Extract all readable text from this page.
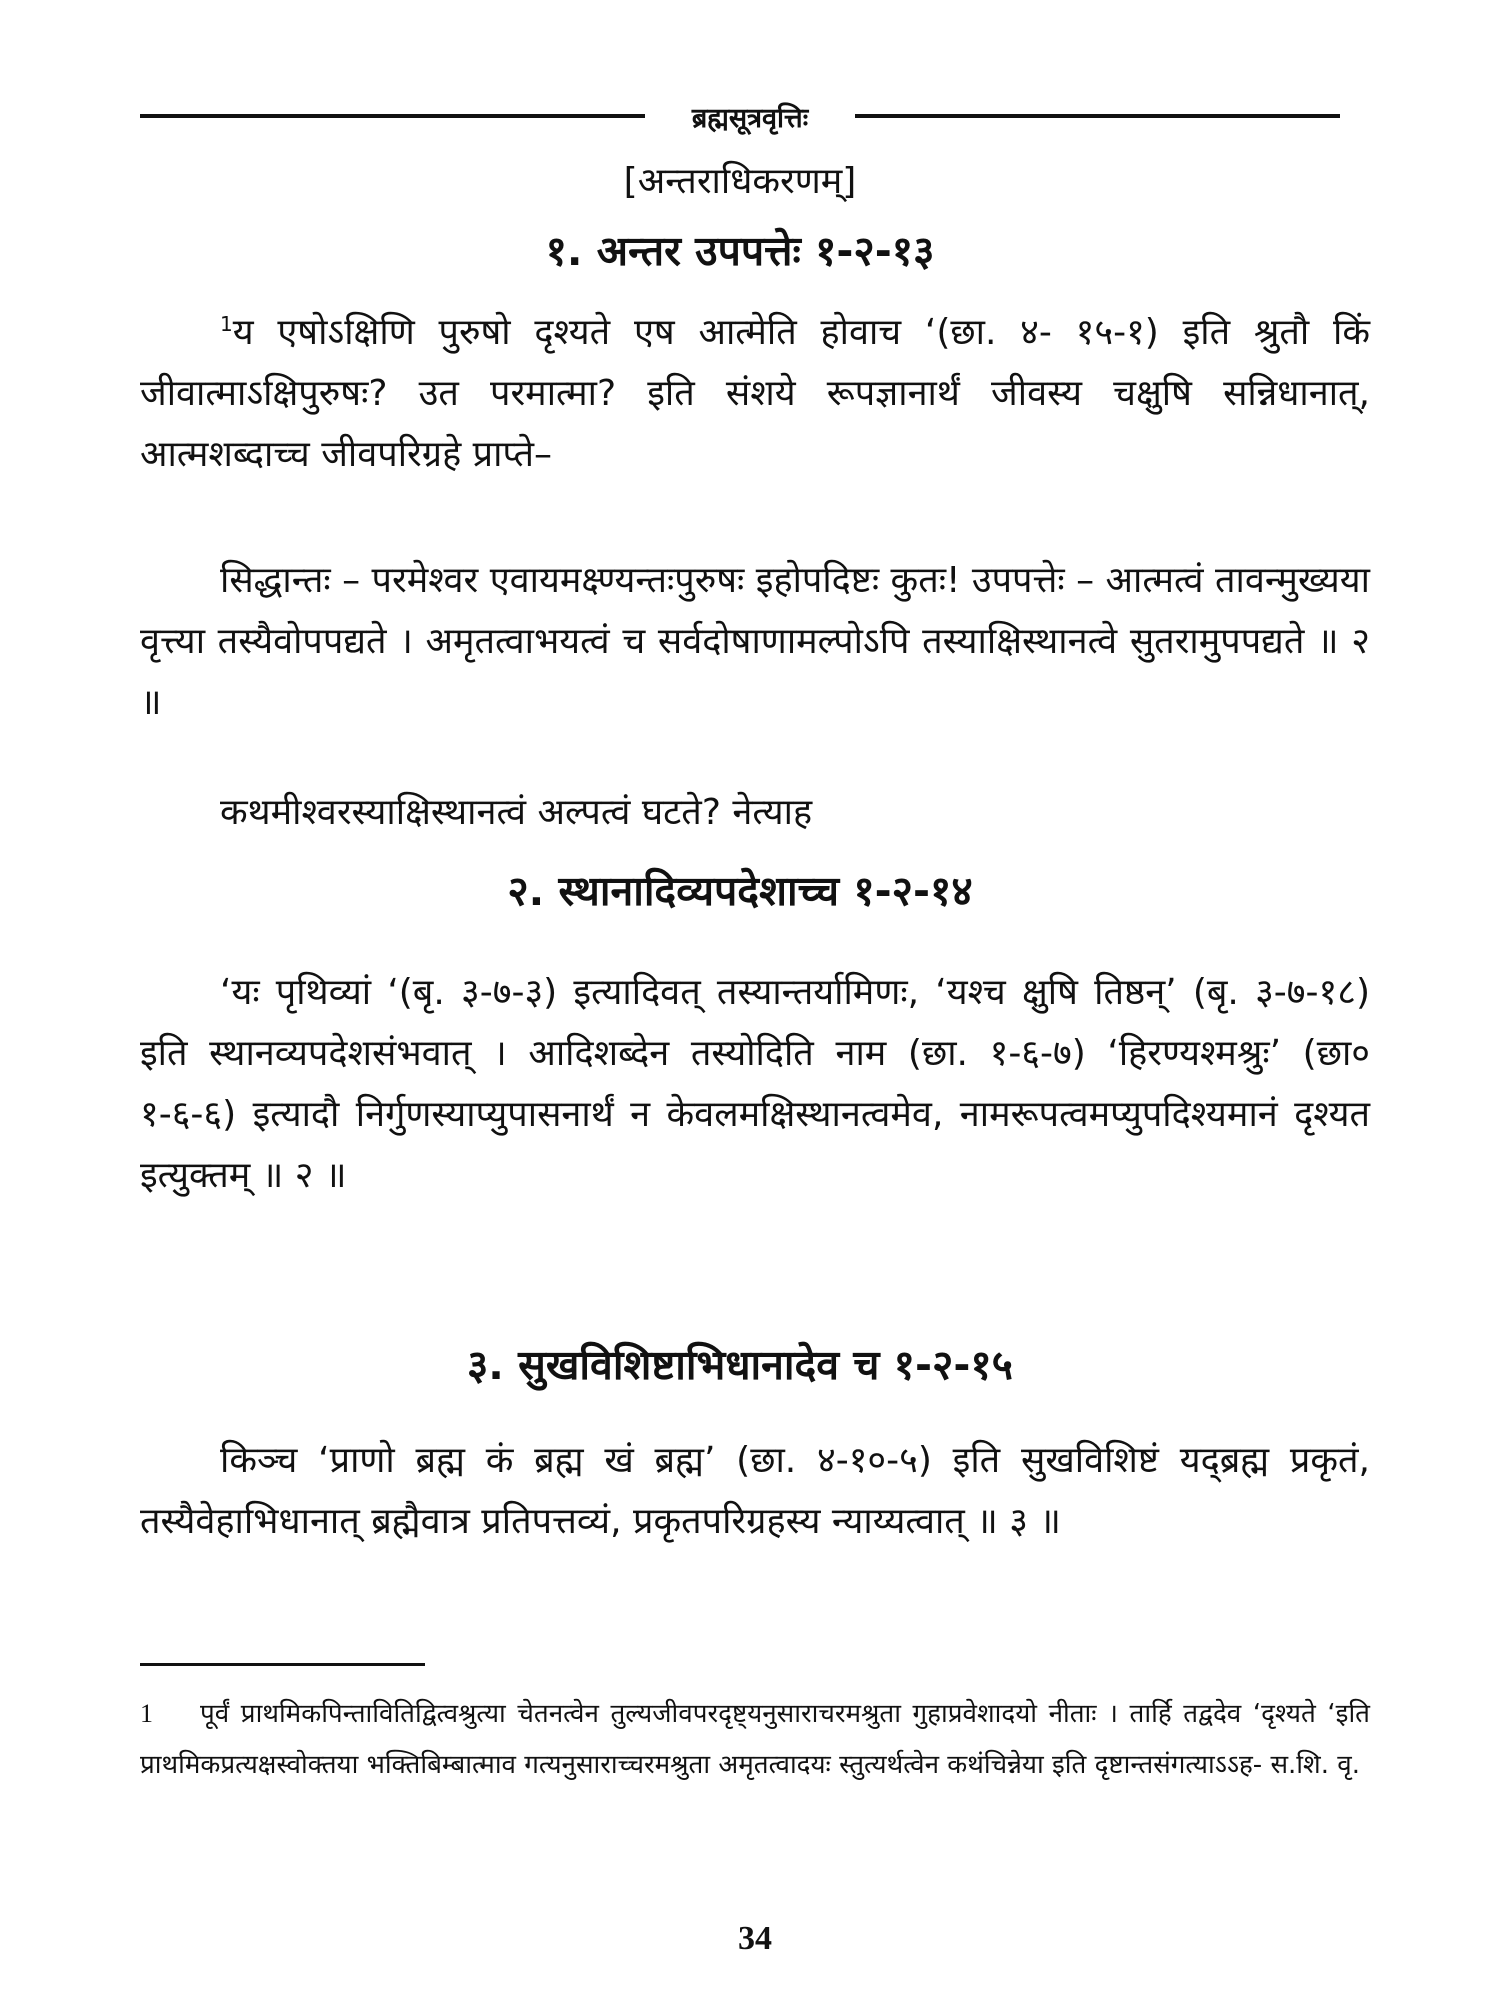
ब्रह्मसूत्रवृत्तिः
[अन्तराधिकरणम्]
१. अन्तर उपपत्तेः १-२-१३

$^1$य एषोऽक्षिणि पुरुषो दृश्यते एष आत्मेति होवाच ‘(छा. ४- १५-१) इति श्रुतौ किं जीवात्माऽक्षिपुरुषः? उत परमात्मा? इति संशये रूपज्ञानार्थं जीवस्य चक्षुषि सन्निधानात्, आत्मशब्दाच्च जीवपरिग्रहे प्राप्ते–

सिद्धान्तः – परमेश्वर एवायमक्ष्ण्यन्तःपुरुषः इहोपदिष्टः कुतः! उपपत्तेः – आत्मत्वं तावन्मुख्यया वृत्त्या तस्यैवोपपद्यते । अमृतत्वाभयत्वं च सर्वदोषाणामल्पोऽपि तस्याक्षिस्थानत्वे सुतरामुपपद्यते ॥ २ ॥

कथमीश्वरस्याक्षिस्थानत्वं अल्पत्वं घटते? नेत्याह

२. स्थानादिव्यपदेशाच्च १-२-१४

‘यः पृथिव्यां ‘(बृ. ३-७-३) इत्यादिवत् तस्यान्तर्यामिणः, ‘यश्च क्षुषि तिष्ठन्’ (बृ. ३-७-१८) इति स्थानव्यपदेशसंभवात् । आदिशब्देन तस्योदिति नाम (छा. १-६-७) ‘हिरण्यश्मश्रुः’ (छा० १-६-६) इत्यादौ निर्गुणस्याप्युपासनार्थं न केवलमक्षिस्थानत्वमेव, नामरूपत्वमप्युपदिश्यमानं दृश्यत इत्युक्तम् ॥ २ ॥

३. सुखविशिष्टाभिधानादेव च १-२-१५

किञ्च ‘प्राणो ब्रह्म कं ब्रह्म खं ब्रह्म’ (छा. ४-१०-५) इति सुखविशिष्टं यद्ब्रह्म प्रकृतं, तस्यैवेहाभिधानात् ब्रह्मैवात्र प्रतिपत्तव्यं, प्रकृतपरिग्रहस्य न्याय्यत्वात् ॥ ३ ॥

1 पूर्वं प्राथमिकपिन्तावितिद्वित्वश्रुत्या चेतनत्वेन तुल्यजीवपरदृष्ट्यनुसाराचरमश्रुता गुहाप्रवेशादयो नीताः । तार्हि तद्वदेव ‘दृश्यते ‘इति प्राथमिकप्रत्यक्षस्वोक्तया भक्तिबिम्बात्माव गत्यनुसाराच्चरमश्रुता अमृतत्वादयः स्तुत्यर्थत्वेन कथंचिन्नेया इति दृष्टान्तसंगत्याऽऽह- स.शि. वृ.

34
